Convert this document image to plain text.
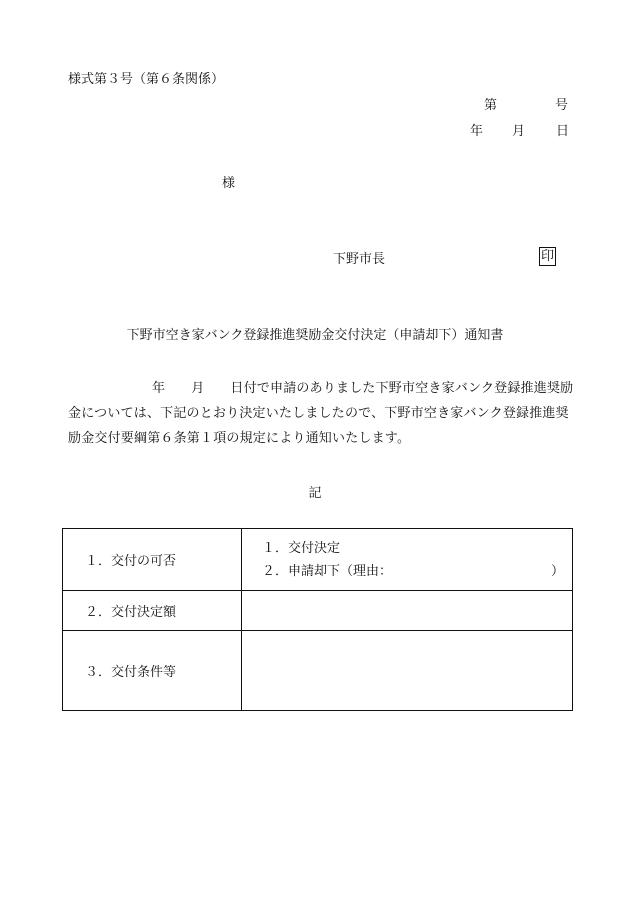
様式第３号（第６条関係）
第	号
年 月 日
様
下野市長	印
下野市空き家バンク登録推進奨励金交付決定（申請却下）通知書
年 月 日付で申請のありました下野市空き家バンク登録推進奨励金については、下記のとおり決定いたしましたので、下野市空き家バンク登録推進奨励金交付要綱第６条第１項の規定により通知いたします。
記
１．交付の可否	１．交付決定
２．申請却下（理由： ）

２．交付決定額	
３．交付条件等	
